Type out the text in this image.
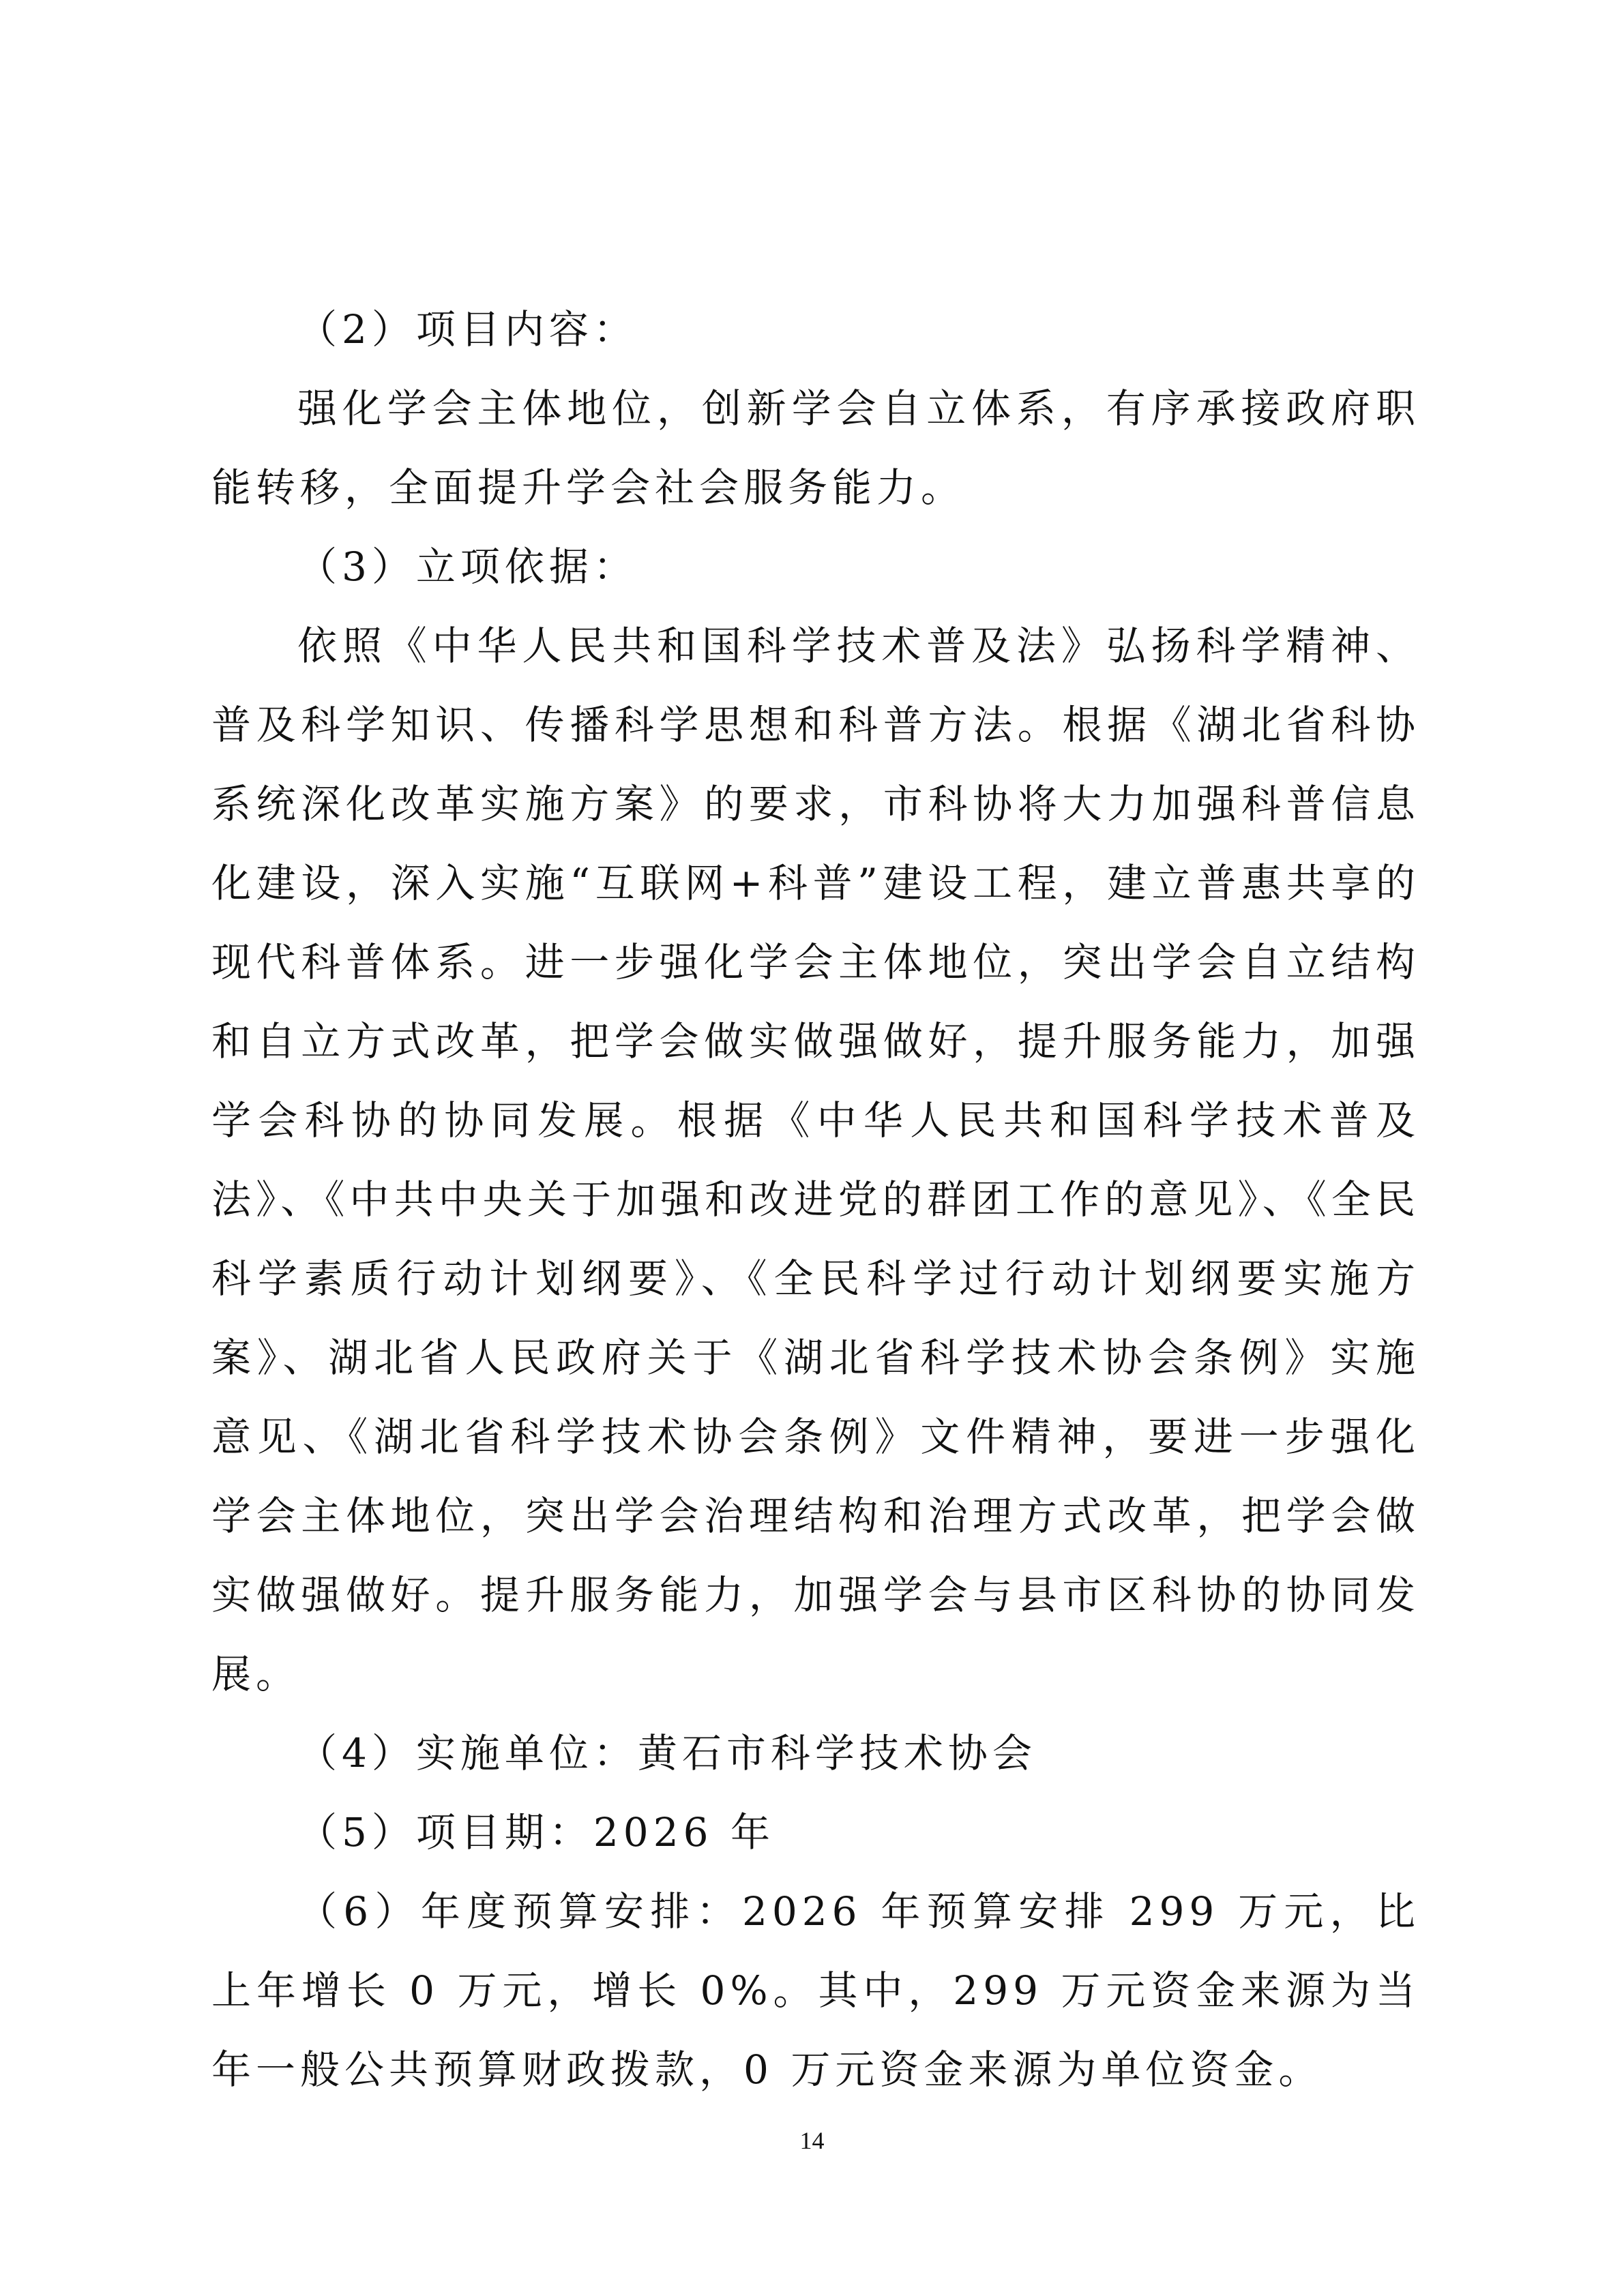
（2）项目内容：

强化学会主体地位，创新学会自立体系，有序承接政府职能转移，全面提升学会社会服务能力。

（3）立项依据：

依照《中华人民共和国科学技术普及法》弘扬科学精神、普及科学知识、传播科学思想和科普方法。根据《湖北省科协系统深化改革实施方案》的要求，市科协将大力加强科普信息化建设，深入实施“互联网+科普”建设工程，建立普惠共享的现代科普体系。进一步强化学会主体地位，突出学会自立结构和自立方式改革，把学会做实做强做好，提升服务能力，加强学会科协的协同发展。根据《中华人民共和国科学技术普及法》、《中共中央关于加强和改进党的群团工作的意见》、《全民科学素质行动计划纲要》、《全民科学过行动计划纲要实施方案》、湖北省人民政府关于《湖北省科学技术协会条例》实施意见、《湖北省科学技术协会条例》文件精神，要进一步强化学会主体地位，突出学会治理结构和治理方式改革，把学会做实做强做好。提升服务能力，加强学会与县市区科协的协同发展。

（4）实施单位：黄石市科学技术协会

（5）项目期：2026 年

（6）年度预算安排：2026 年预算安排 299 万元，比上年增长 0 万元，增长 0%。其中，299 万元资金来源为当年一般公共预算财政拨款，0 万元资金来源为单位资金。

14
